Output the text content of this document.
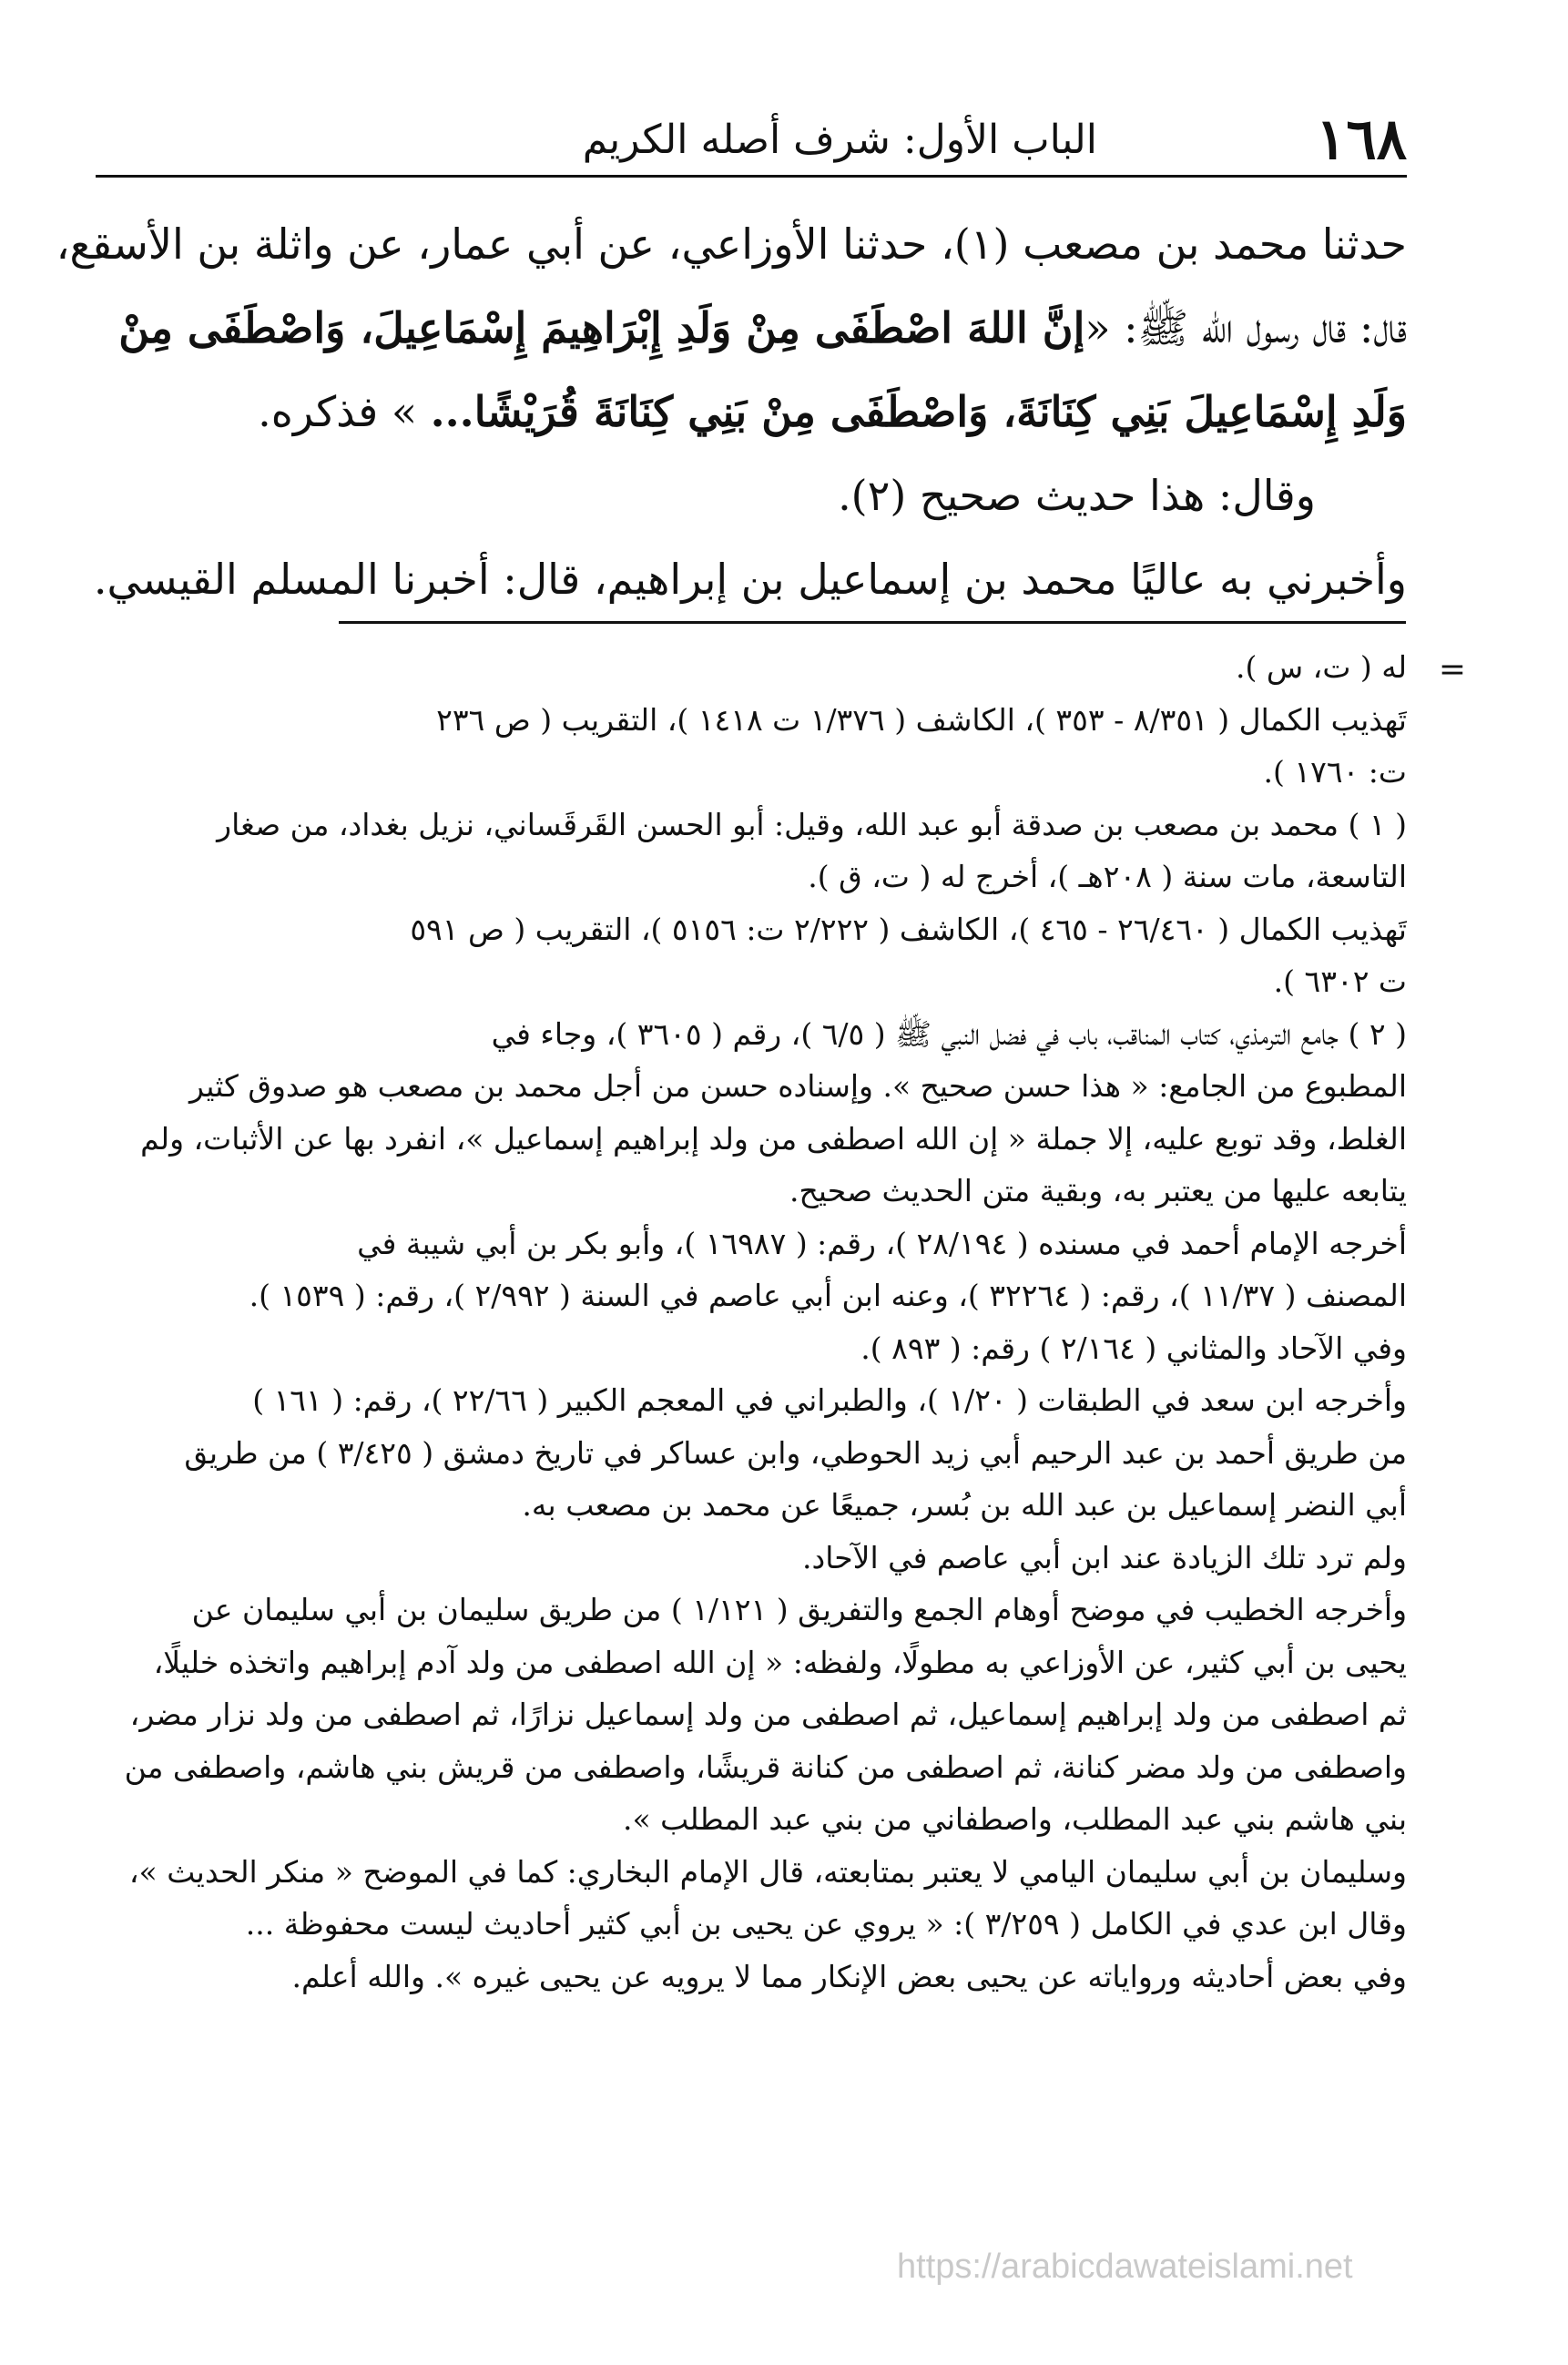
١٦٨
الباب الأول: شرف أصله الكريم
حدثنا محمد بن مصعب (١)، حدثنا الأوزاعي، عن أبي عمار، عن واثلة بن الأسقع،
قال: قال رسول الله ﷺ: «إنَّ اللهَ اصْطَفَى مِنْ وَلَدِ إِبْرَاهِيمَ إِسْمَاعِيلَ، وَاصْطَفَى مِنْ
وَلَدِ إِسْمَاعِيلَ بَنِي كِنَانَةَ، وَاصْطَفَى مِنْ بَنِي كِنَانَةَ قُرَيْشًا... » فذكره.
وقال: هذا حديث صحيح (٢).
وأخبرني به عاليًا محمد بن إسماعيل بن إبراهيم، قال: أخبرنا المسلم القيسي.
=
له ( ت، س ).
تَهذيب الكمال ( ٨/٣٥١ - ٣٥٣ )، الكاشف ( ١/٣٧٦ ت ١٤١٨ )، التقريب ( ص ٢٣٦
ت: ١٧٦٠ ).
( ١ ) محمد بن مصعب بن صدقة أبو عبد الله، وقيل: أبو الحسن القَرقَساني، نزيل بغداد، من صغار
التاسعة، مات سنة ( ٢٠٨هـ )، أخرج له ( ت، ق ).
تَهذيب الكمال ( ٢٦/٤٦٠ - ٤٦٥ )، الكاشف ( ٢/٢٢٢ ت: ٥١٥٦ )، التقريب ( ص ٥٩١
ت ٦٣٠٢ ).
( ٢ ) جامع الترمذي، كتاب المناقب، باب في فضل النبي ﷺ ( ٦/٥ )، رقم ( ٣٦٠٥ )، وجاء في
المطبوع من الجامع: « هذا حسن صحيح ». وإسناده حسن من أجل محمد بن مصعب هو صدوق كثير
الغلط، وقد توبع عليه، إلا جملة « إن الله اصطفى من ولد إبراهيم إسماعيل »، انفرد بها عن الأثبات، ولم
يتابعه عليها من يعتبر به، وبقية متن الحديث صحيح.
أخرجه الإمام أحمد في مسنده ( ٢٨/١٩٤ )، رقم: ( ١٦٩٨٧ )، وأبو بكر بن أبي شيبة في
المصنف ( ١١/٣٧ )، رقم: ( ٣٢٢٦٤ )، وعنه ابن أبي عاصم في السنة ( ٢/٩٩٢ )، رقم: ( ١٥٣٩ ).
وفي الآحاد والمثاني ( ٢/١٦٤ ) رقم: ( ٨٩٣ ).
وأخرجه ابن سعد في الطبقات ( ١/٢٠ )، والطبراني في المعجم الكبير ( ٢٢/٦٦ )، رقم: ( ١٦١ )
من طريق أحمد بن عبد الرحيم أبي زيد الحوطي، وابن عساكر في تاريخ دمشق ( ٣/٤٢٥ ) من طريق
أبي النضر إسماعيل بن عبد الله بن بُسر، جميعًا عن محمد بن مصعب به.
ولم ترد تلك الزيادة عند ابن أبي عاصم في الآحاد.
وأخرجه الخطيب في موضح أوهام الجمع والتفريق ( ١/١٢١ ) من طريق سليمان بن أبي سليمان عن
يحيى بن أبي كثير، عن الأوزاعي به مطولًا، ولفظه: « إن الله اصطفى من ولد آدم إبراهيم واتخذه خليلًا،
ثم اصطفى من ولد إبراهيم إسماعيل، ثم اصطفى من ولد إسماعيل نزارًا، ثم اصطفى من ولد نزار مضر،
واصطفى من ولد مضر كنانة، ثم اصطفى من كنانة قريشًا، واصطفى من قريش بني هاشم، واصطفى من
بني هاشم بني عبد المطلب، واصطفاني من بني عبد المطلب ».
وسليمان بن أبي سليمان اليامي لا يعتبر بمتابعته، قال الإمام البخاري: كما في الموضح « منكر الحديث »،
وقال ابن عدي في الكامل ( ٣/٢٥٩ ): « يروي عن يحيى بن أبي كثير أحاديث ليست محفوظة ...
وفي بعض أحاديثه ورواياته عن يحيى بعض الإنكار مما لا يرويه عن يحيى غيره ». والله أعلم.
https://arabicdawateislami.net
